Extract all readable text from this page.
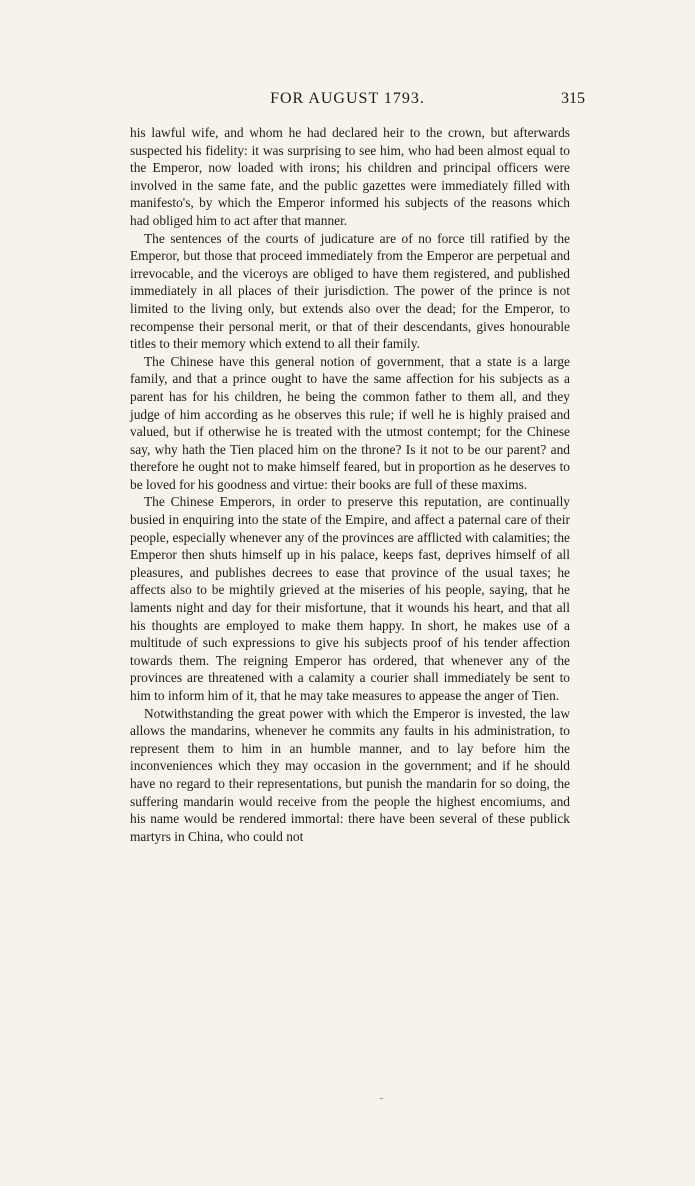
FOR AUGUST 1793.	315

his lawful wife, and whom he had declared heir to the crown, but afterwards suspected his fidelity: it was surprising to see him, who had been almost equal to the Emperor, now loaded with irons; his children and principal officers were involved in the same fate, and the public gazettes were immediately filled with manifesto's, by which the Emperor informed his subjects of the reasons which had obliged him to act after that manner.

The sentences of the courts of judicature are of no force till ratified by the Emperor, but those that proceed immediately from the Emperor are perpetual and irrevocable, and the viceroys are obliged to have them registered, and published immediately in all places of their jurisdiction. The power of the prince is not limited to the living only, but extends also over the dead; for the Emperor, to recompense their personal merit, or that of their descendants, gives honourable titles to their memory which extend to all their family.

The Chinese have this general notion of government, that a state is a large family, and that a prince ought to have the same affection for his subjects as a parent has for his children, he being the common father to them all, and they judge of him according as he observes this rule; if well he is highly praised and valued, but if otherwise he is treated with the utmost contempt; for the Chinese say, why hath the Tien placed him on the throne? Is it not to be our parent? and therefore he ought not to make himself feared, but in proportion as he deserves to be loved for his goodness and virtue: their books are full of these maxims.

The Chinese Emperors, in order to preserve this reputation, are continually busied in enquiring into the state of the Empire, and affect a paternal care of their people, especially whenever any of the provinces are afflicted with calamities; the Emperor then shuts himself up in his palace, keeps fast, deprives himself of all pleasures, and publishes decrees to ease that province of the usual taxes; he affects also to be mightily grieved at the miseries of his people, saying, that he laments night and day for their misfortune, that it wounds his heart, and that all his thoughts are employed to make them happy. In short, he makes use of a multitude of such expressions to give his subjects proof of his tender affection towards them. The reigning Emperor has ordered, that whenever any of the provinces are threatened with a calamity a courier shall immediately be sent to him to inform him of it, that he may take measures to appease the anger of Tien.

Notwithstanding the great power with which the Emperor is invested, the law allows the mandarins, whenever he commits any faults in his administration, to represent them to him in an humble manner, and to lay before him the inconveniences which they may occasion in the government; and if he should have no regard to their representations, but punish the mandarin for so doing, the suffering mandarin would receive from the people the highest encomiums, and his name would be rendered immortal: there have been several of these publick martyrs in China, who could not
